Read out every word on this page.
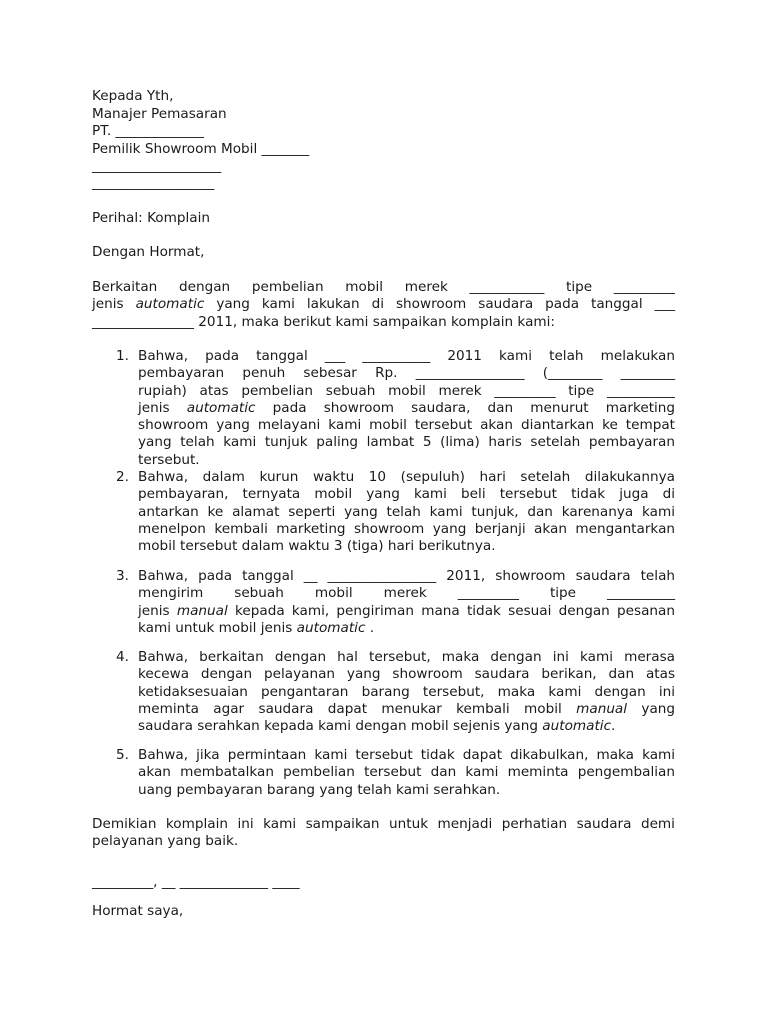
Kepada Yth,
Manajer Pemasaran
PT. _____________
Pemilik Showroom Mobil _______
___________________
__________________
Perihal: Komplain
Dengan Hormat,
Berkaitan dengan pembelian mobil merek ___________ tipe _________
jenis automatic yang kami lakukan di showroom saudara pada tanggal ___
_______________ 2011, maka berikut kami sampaikan komplain kami:
1. Bahwa, pada tanggal ___ __________ 2011 kami telah melakukan
pembayaran penuh sebesar Rp. ________________ (________ ________
rupiah) atas pembelian sebuah mobil merek _________ tipe __________
jenis automatic pada showroom saudara, dan menurut marketing
showroom yang melayani kami mobil tersebut akan diantarkan ke tempat
yang telah kami tunjuk paling lambat 5 (lima) haris setelah pembayaran
tersebut.
2. Bahwa, dalam kurun waktu 10 (sepuluh) hari setelah dilakukannya
pembayaran, ternyata mobil yang kami beli tersebut tidak juga di
antarkan ke alamat seperti yang telah kami tunjuk, dan karenanya kami
menelpon kembali marketing showroom yang berjanji akan mengantarkan
mobil tersebut dalam waktu 3 (tiga) hari berikutnya.
3. Bahwa, pada tanggal __ ________________ 2011, showroom saudara telah
mengirim sebuah mobil merek _________ tipe __________
jenis manual kepada kami, pengiriman mana tidak sesuai dengan pesanan
kami untuk mobil jenis automatic .
4. Bahwa, berkaitan dengan hal tersebut, maka dengan ini kami merasa
kecewa dengan pelayanan yang showroom saudara berikan, dan atas
ketidaksesuaian pengantaran barang tersebut, maka kami dengan ini
meminta agar saudara dapat menukar kembali mobil manual yang
saudara serahkan kepada kami dengan mobil sejenis yang automatic.
5. Bahwa, jika permintaan kami tersebut tidak dapat dikabulkan, maka kami
akan membatalkan pembelian tersebut dan kami meminta pengembalian
uang pembayaran barang yang telah kami serahkan.
Demikian komplain ini kami sampaikan untuk menjadi perhatian saudara demi
pelayanan yang baik.
_________, __ _____________ ____
Hormat saya,
